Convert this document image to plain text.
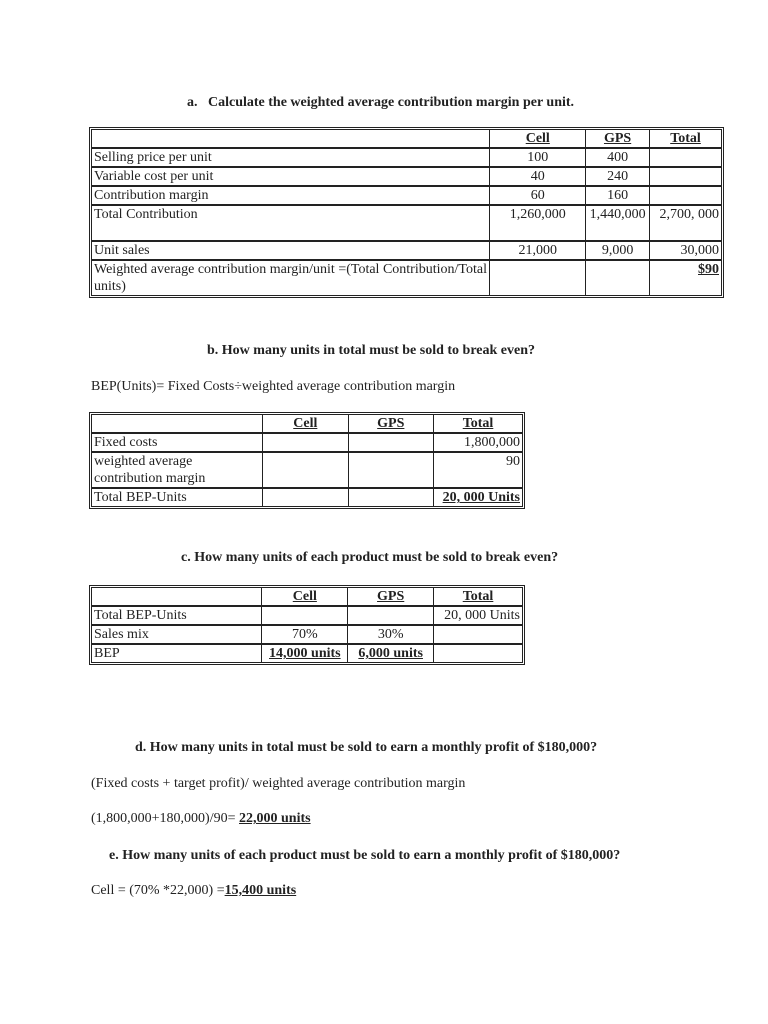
a.   Calculate the weighted average contribution margin per unit.
	Cell	GPS	Total
Selling price per unit	100	400	
Variable cost per unit	40	240	
Contribution margin	60	160	
Total Contribution	1,260,000	1,440,000	2,700, 000
Unit sales	21,000	9,000	30,000
Weighted average contribution margin/unit =(Total Contribution/Total units)			$90
b. How many units in total must be sold to break even?
BEP(Units)= Fixed Costs÷weighted average contribution margin
	Cell	GPS	Total
Fixed costs			1,800,000
weighted average contribution margin			90
Total BEP-Units			20, 000 Units
c. How many units of each product must be sold to break even?
	Cell	GPS	Total
Total BEP-Units			20, 000 Units
Sales mix	70%	30%	
BEP	14,000 units	6,000 units	
d. How many units in total must be sold to earn a monthly profit of $180,000?
(Fixed costs + target profit)/ weighted average contribution margin
(1,800,000+180,000)/90= 22,000 units
e. How many units of each product must be sold to earn a monthly profit of $180,000?
Cell = (70% *22,000) =15,400 units
